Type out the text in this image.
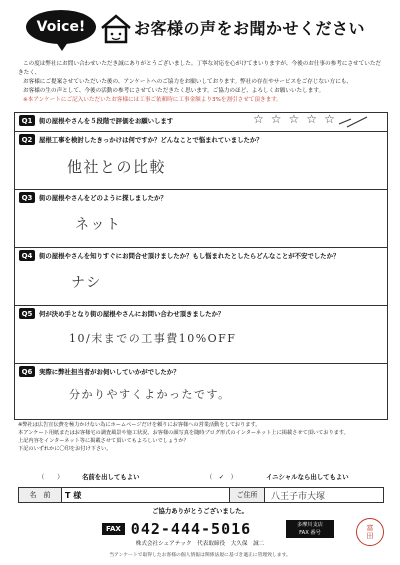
Voice!	お客様の声をお聞かせください

この度は弊社にお問い合わせいただき誠にありがとうございました。丁寧な対応を心がけてまいりますが、今後のお仕事の参考にさせていただきたく、

お客様にご提案させていただいた後の、アンケートへのご協力をお願いしております。弊社の存在やサービスをご存じない方にも、

お客様の生の声として、今後の活動の参考にさせていただきたく思います。ご協力のほど、よろしくお願いいたします。

※本アンケートにご記入いただいたお客様には工事ご依頼時に工事金額より3%を割引させて頂きます。

Q1	街の屋根やさんを５段階で評価をお願いします	☆ ☆ ☆ ☆ ☆
Q2	屋根工事を検討したきっかけは何ですか？どんなことで悩まれていましたか？
他社との比較
Q3	街の屋根やさんをどのように探しましたか？
ネット
Q4	街の屋根やさんを知りすぐにお問合せ頂けましたか？もし悩まれたとしたらどんなことが不安でしたか？
ナシ
Q5	何が決め手となり街の屋根やさんにお問い合わせ頂きましたか？
10/末までの工事費10%OFF
Q6	実際に弊社担当者がお伺いしていかがでしたか？
分かりやすくよかったです。

※弊社は広告宣伝費を極力かけない為にホームページだけを頼りにお客様への営業活動をしております。

本アンケート用紙またはお客様宅の調査風景や施工状況、お客様の顔写真を随時ブログ形式のインターネット上に掲載させて頂いております。

上記内容をインターネット等に掲載させて頂いてもよろしいでしょうか？

下記のいずれかに〇印をお付け下さい。

（　　）	名前を出してもよい	（　✓　）	イニシャルなら出してもよい
名　前	T 様	ご住所	八王子市大塚
ご協力ありがとうございました。
FAX 042-444-5016	多摩川支店
FAX 番号
株式会社シェアテック　代表取締役　大久保　誠二
当アンケートで取得したお客様の個人情報は関係法規に基づき適正に管理致します。
富
田
